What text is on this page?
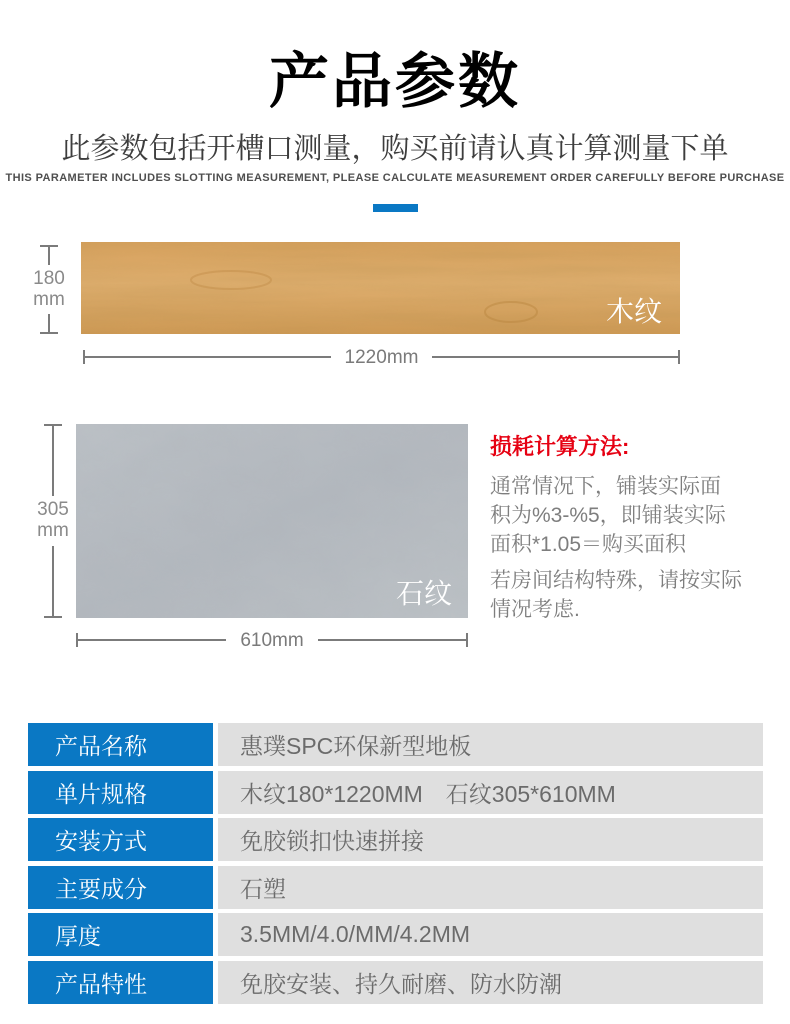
产品参数
此参数包括开槽口测量，购买前请认真计算测量下单
THIS PARAMETER INCLUDES SLOTTING MEASUREMENT, PLEASE CALCULATE MEASUREMENT ORDER CAREFULLY BEFORE PURCHASE
180
mm	木纹
1220mm
305
mm
石纹
610mm
损耗计算方法:
通常情况下，铺装实际面
积为%3-%5，即铺装实际
面积*1.05＝购买面积
若房间结构特殊，请按实际
情况考虑.
产品名称	惠璞SPC环保新型地板
单片规格	木纹180*1220MM　石纹305*610MM
安装方式	免胶锁扣快速拼接
主要成分	石塑
厚度	3.5MM/4.0/MM/4.2MM
产品特性	免胶安装、持久耐磨、防水防潮
